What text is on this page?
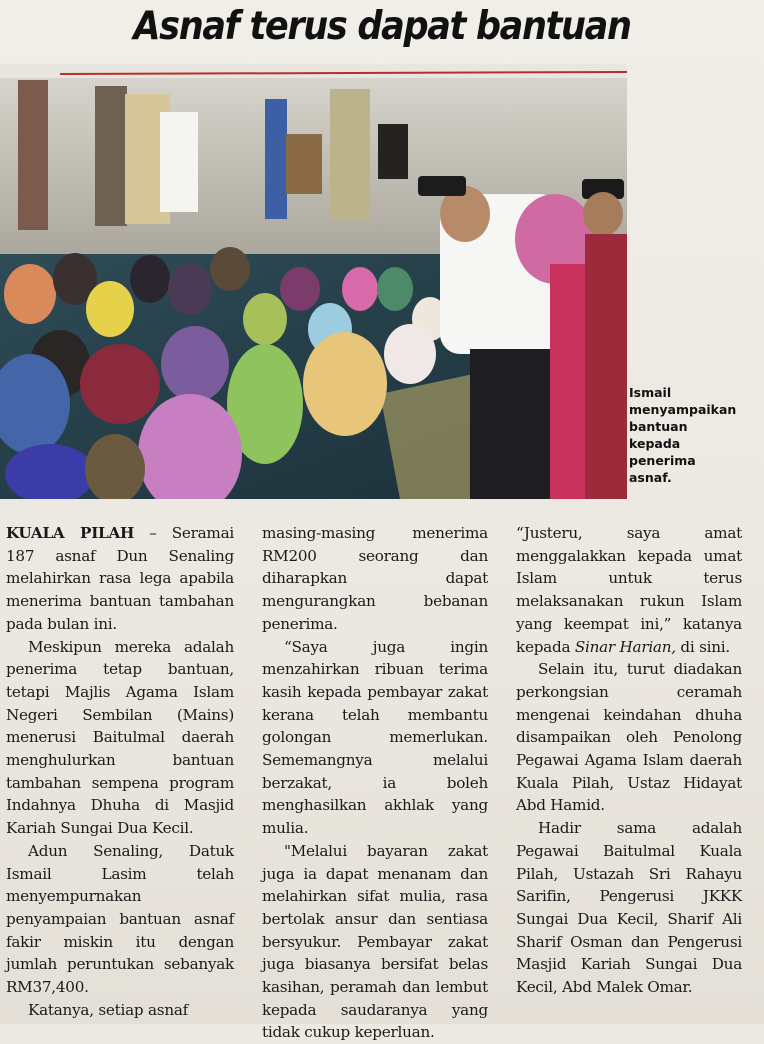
Asnaf terus dapat bantuan
Ismail
menyampaikan
bantuan
kepada
penerima
asnaf.

KUALA PILAH – Seramai 187 asnaf Dun Senaling melahirkan rasa lega apabila menerima bantuan tambahan pada bulan ini.

Meskipun mereka adalah penerima tetap bantuan, tetapi Majlis Agama Islam Negeri Sembilan (Mains) menerusi Baitulmal daerah menghulurkan bantuan tambahan sempena program Indahnya Dhuha di Masjid Kariah Sungai Dua Kecil.

Adun Senaling, Datuk Ismail Lasim telah menyempurnakan penyampaian bantuan asnaf fakir miskin itu dengan jumlah peruntukan sebanyak RM37,400.

Katanya, setiap asnaf

masing-masing menerima RM200 seorang dan diharapkan dapat mengurangkan bebanan penerima.

“Saya juga ingin menzahirkan ribuan terima kasih kepada pembayar zakat kerana telah membantu golongan memerlukan. Sememangnya melalui berzakat, ia boleh menghasilkan akhlak yang mulia.

"Melalui bayaran zakat juga ia dapat menanam dan melahirkan sifat mulia, rasa bertolak ansur dan sentiasa bersyukur. Pembayar zakat juga biasanya bersifat belas kasihan, peramah dan lembut kepada saudaranya yang tidak cukup keperluan.

“Justeru, saya amat menggalakkan kepada umat Islam untuk terus melaksanakan rukun Islam yang keempat ini,” katanya kepada Sinar Harian, di sini.

Selain itu, turut diadakan perkongsian ceramah mengenai keindahan dhuha disampaikan oleh Penolong Pegawai Agama Islam daerah Kuala Pilah, Ustaz Hidayat Abd Hamid.

Hadir sama adalah Pegawai Baitulmal Kuala Pilah, Ustazah Sri Rahayu Sarifin, Pengerusi JKKK Sungai Dua Kecil, Sharif Ali Sharif Osman dan Pengerusi Masjid Kariah Sungai Dua Kecil, Abd Malek Omar.
